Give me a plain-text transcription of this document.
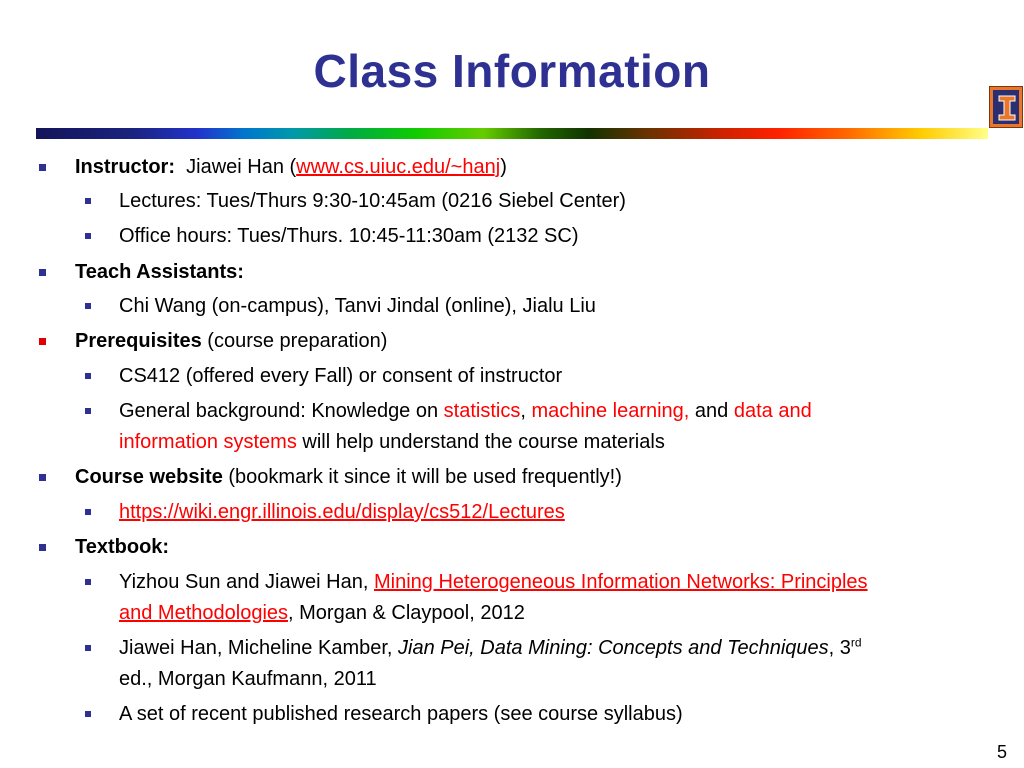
Class Information
Instructor: Jiawei Han (www.cs.uiuc.edu/~hanj)
Lectures: Tues/Thurs 9:30-10:45am (0216 Siebel Center)
Office hours: Tues/Thurs. 10:45-11:30am (2132 SC)
Teach Assistants:
Chi Wang (on-campus), Tanvi Jindal (online), Jialu Liu
Prerequisites (course preparation)
CS412 (offered every Fall) or consent of instructor
General background: Knowledge on statistics, machine learning, and data and
information systems will help understand the course materials
Course website (bookmark it since it will be used frequently!)
https://wiki.engr.illinois.edu/display/cs512/Lectures
Textbook:
Yizhou Sun and Jiawei Han, Mining Heterogeneous Information Networks: Principles
and Methodologies, Morgan & Claypool, 2012
Jiawei Han, Micheline Kamber, Jian Pei, Data Mining: Concepts and Techniques, 3rd
ed., Morgan Kaufmann, 2011
A set of recent published research papers (see course syllabus)
5
